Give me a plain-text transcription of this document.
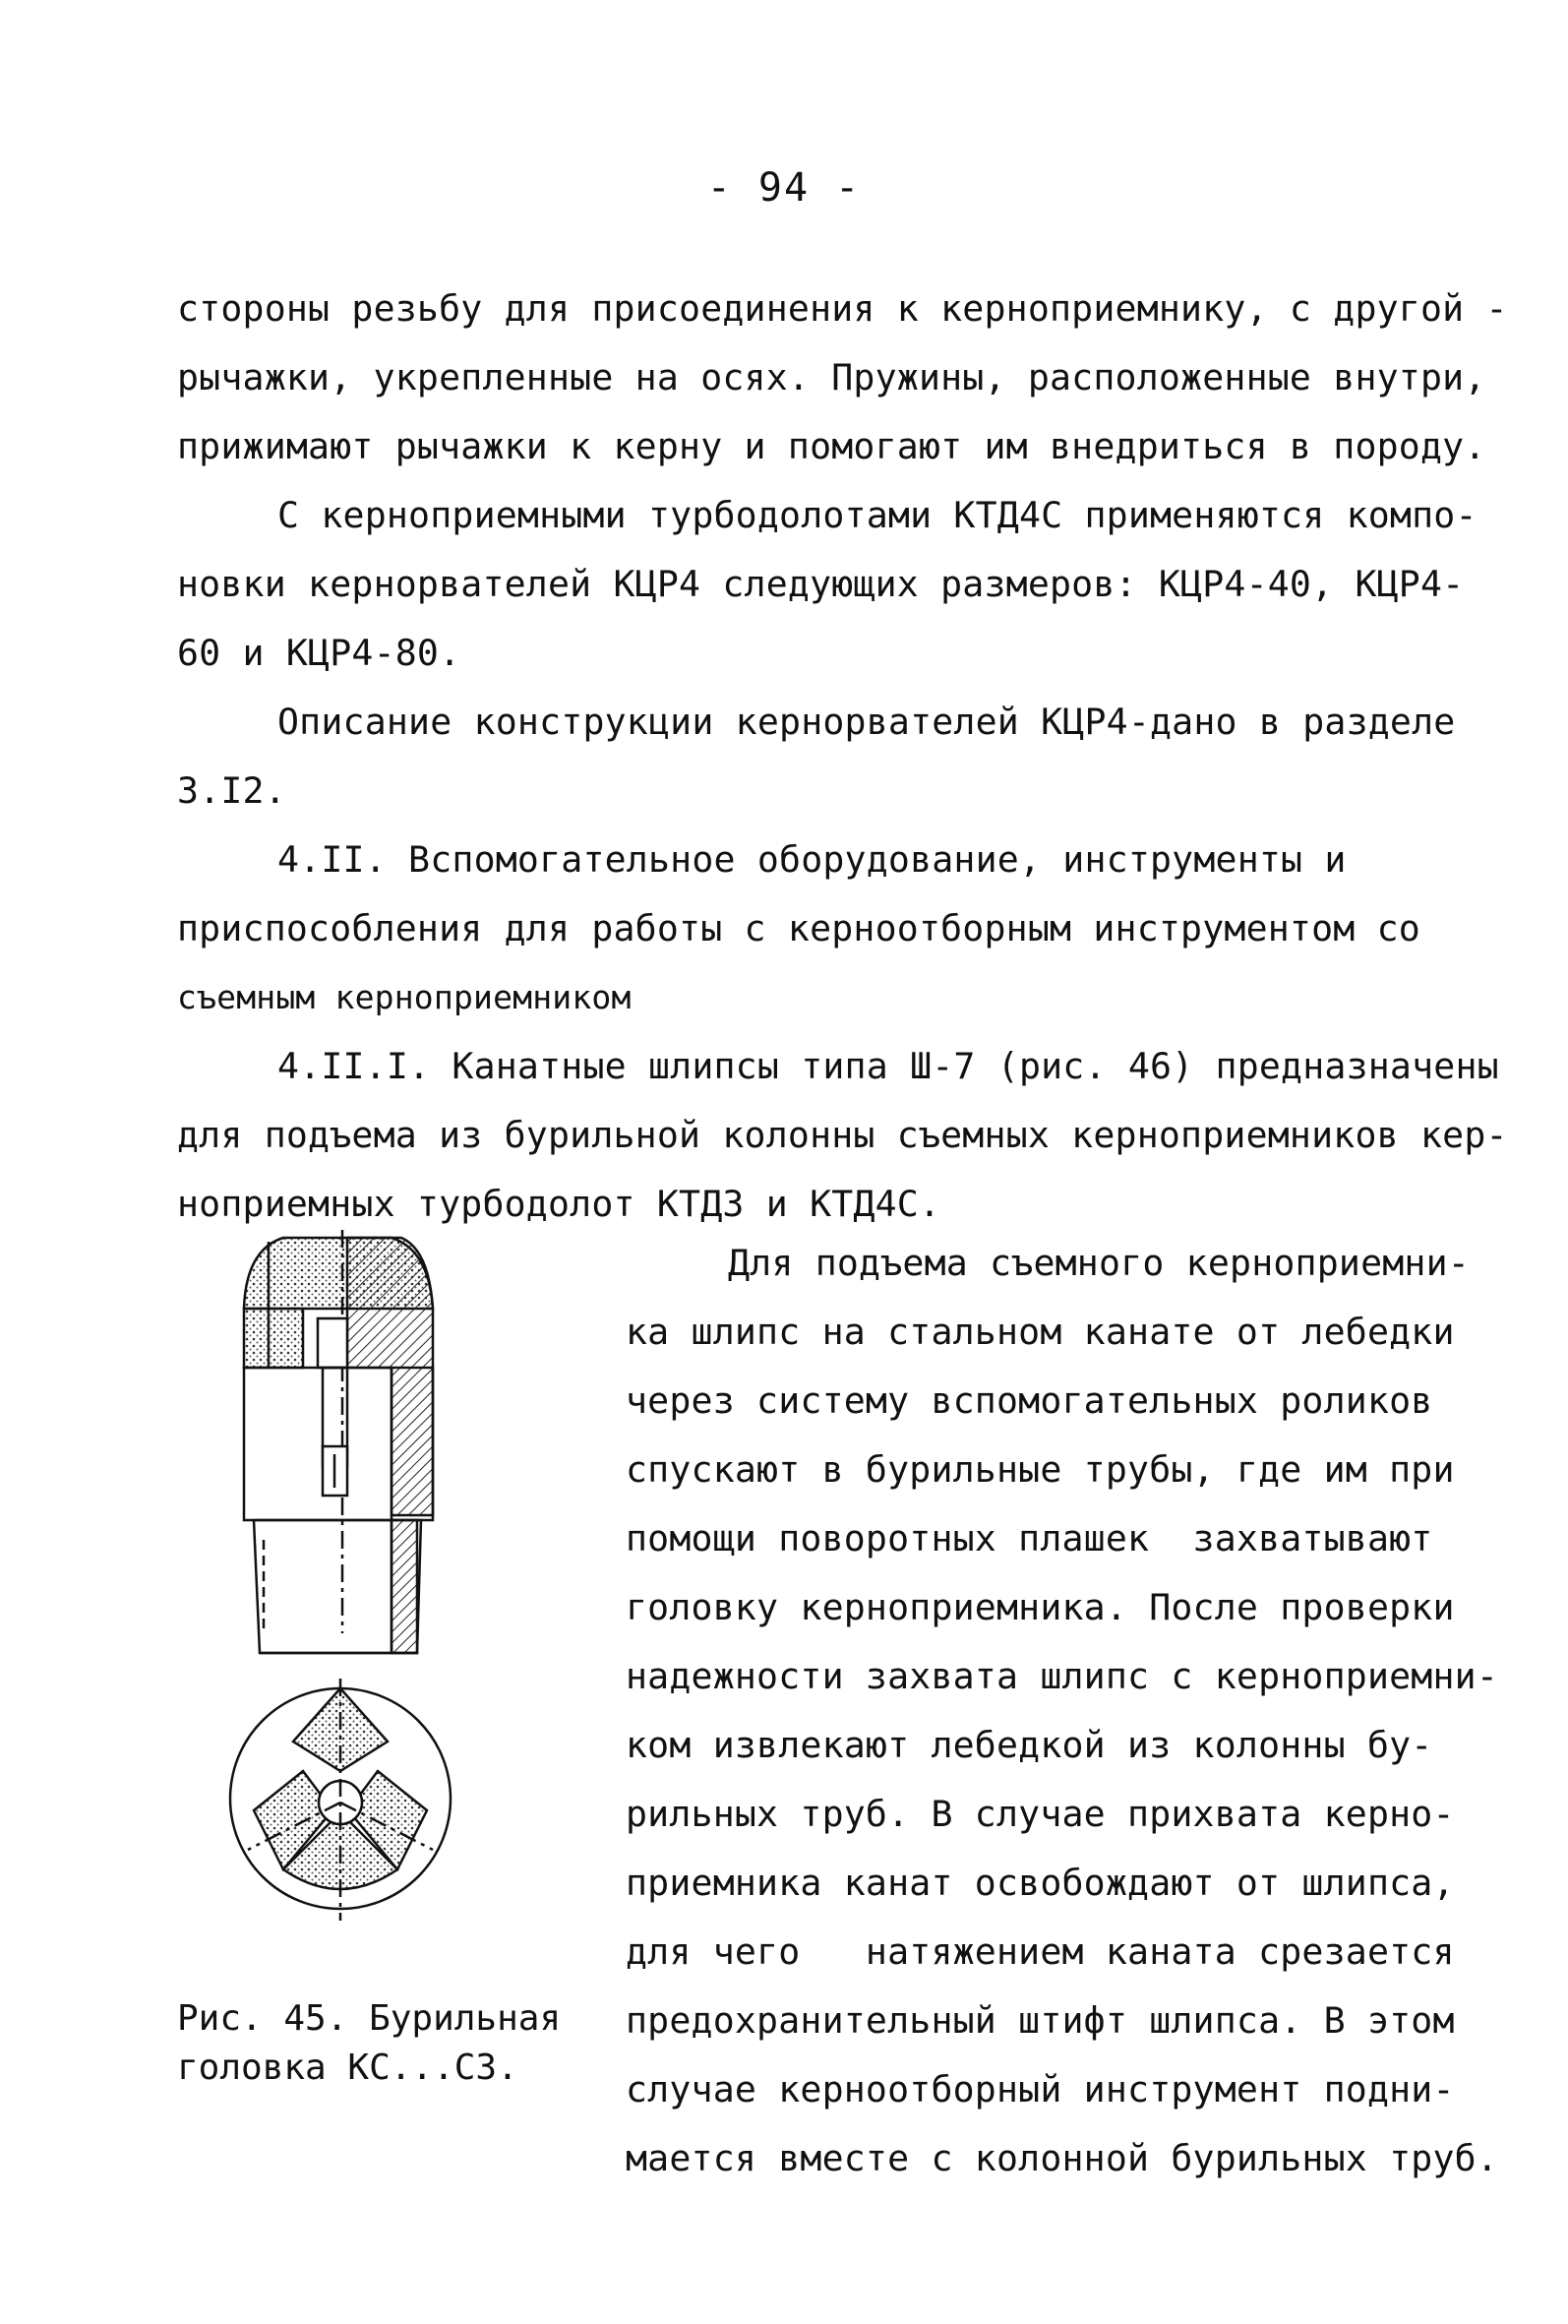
- 94 -
стороны резьбу для присоединения к керноприемнику, с другой -
рычажки, укрепленные на осях. Пружины, расположенные внутри,
прижимают рычажки к керну и помогают им внедриться в породу.
С керноприемными турбодолотами КТД4С применяются компо-
новки кернорвателей КЦР4 следующих размеров: КЦР4-40, КЦР4-
60 и КЦР4-80.
Описание конструкции кернорвателей КЦР4-дано в разделе
3.I2.
4.II. Вспомогательное оборудование, инструменты и
приспособления для работы с керноотборным инструментом со
съемным керноприемником
4.II.I. Канатные шлипсы типа Ш-7 (рис. 46) предназначены
для подъема из бурильной колонны съемных керноприемников кер-
ноприемных турбодолот КТД3 и КТД4С.
Для подъема съемного керноприемни-
ка шлипс на стальном канате от лебедки
через систему вспомогательных роликов
спускают в бурильные трубы, где им при
помощи поворотных плашек  захватывают
головку керноприемника. После проверки
надежности захвата шлипс с керноприемни-
ком извлекают лебедкой из колонны бу-
рильных труб. В случае прихвата керно-
приемника канат освобождают от шлипса,
для чего   натяжением каната срезается
предохранительный штифт шлипса. В этом
случае керноотборный инструмент подни-
мается вместе с колонной бурильных труб.
Рис. 45. Бурильная
головка КС...С3.
